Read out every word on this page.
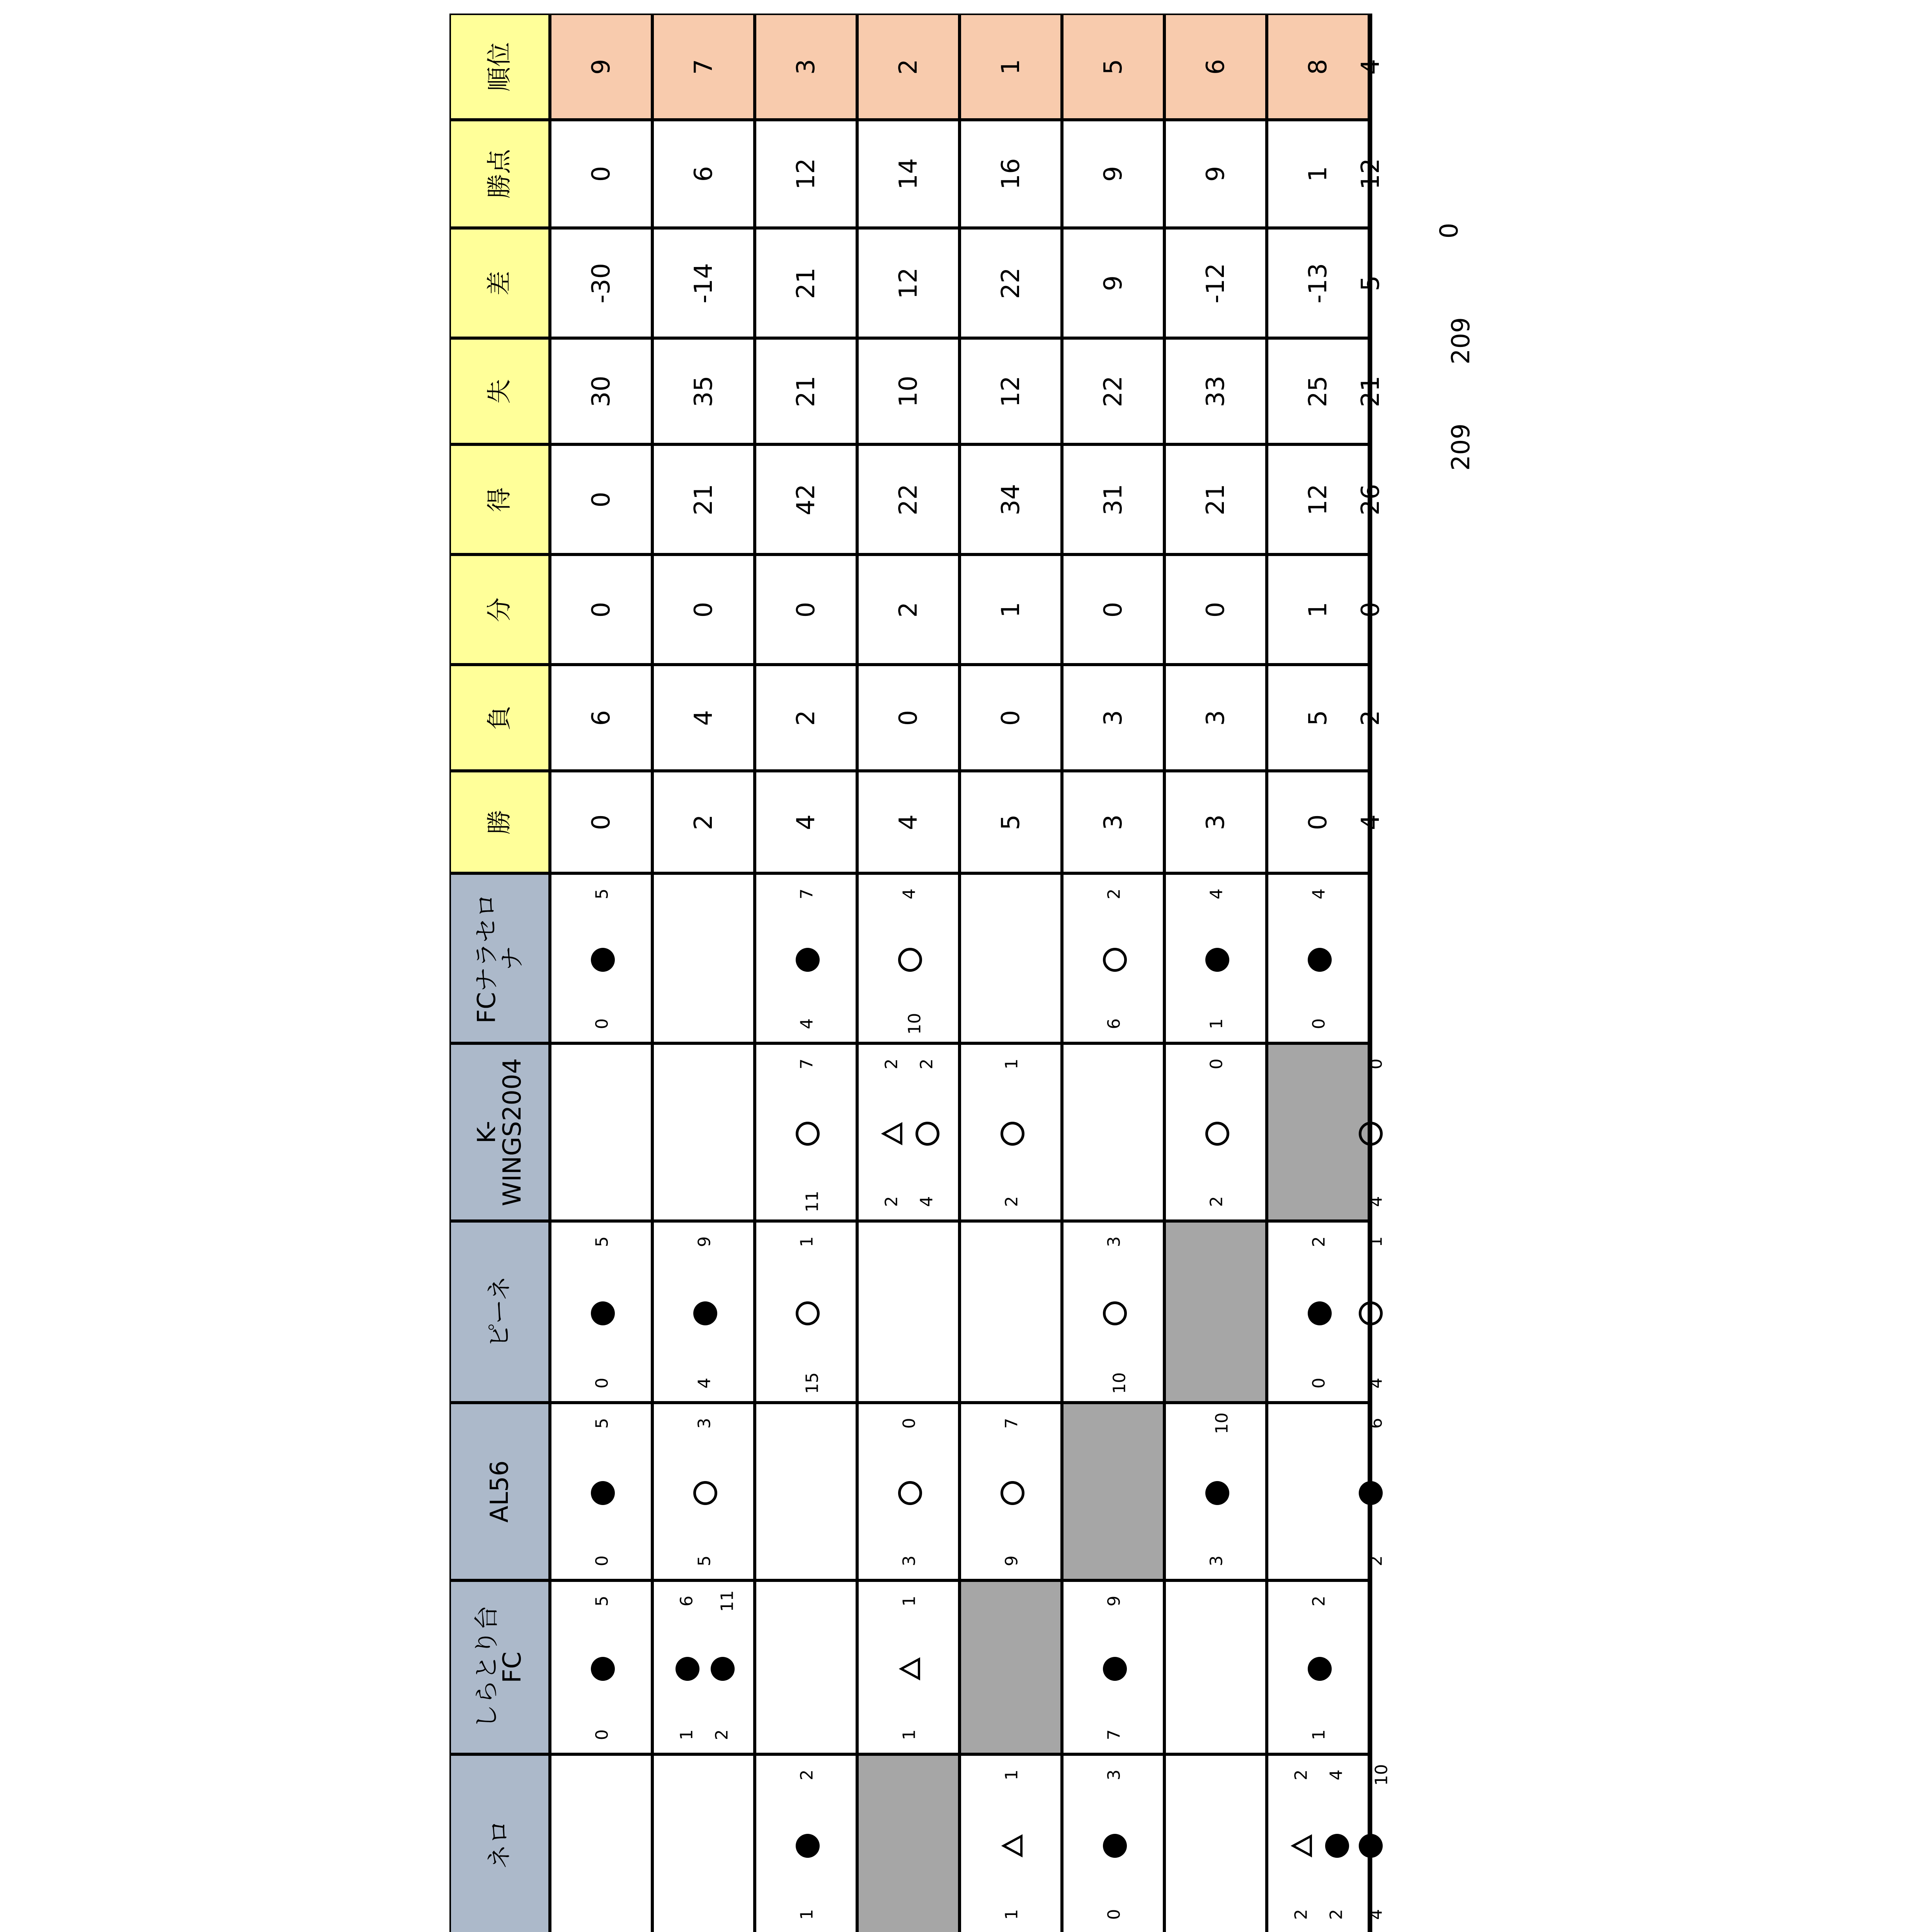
ネロ
しらとり台
FC
AL56
ピーネ
K-
WINGS2004
FCナラセロ
ナ
勝
負
分
得
失
差
勝点
順位
0
5
0
5
0
5
0
5
1
6
2
11
5
3
4
9
1
2
15
1
11
7
4
7
1
1
3
0
2
2
4
2
10
4
1
1
9
7
2
1
0
3
7
9
10
3
6
2
3
10
2
0
1
4
2
2
2
4
1
2
0
2
0
4
4
10
2
6
4
1
4
0
0
6
0
0
30
-30
0
9
2
4
0
21
35
-14
6
7
4
2
0
42
21
21
12
3
4
0
2
22
10
12
14
2
5
0
1
34
12
22
16
1
3
3
0
31
22
9
9
5
3
3
0
21
33
-12
9
6
0
5
1
12
25
-13
1
8
4
2
0
26
21
5
12
4
209
209
0
